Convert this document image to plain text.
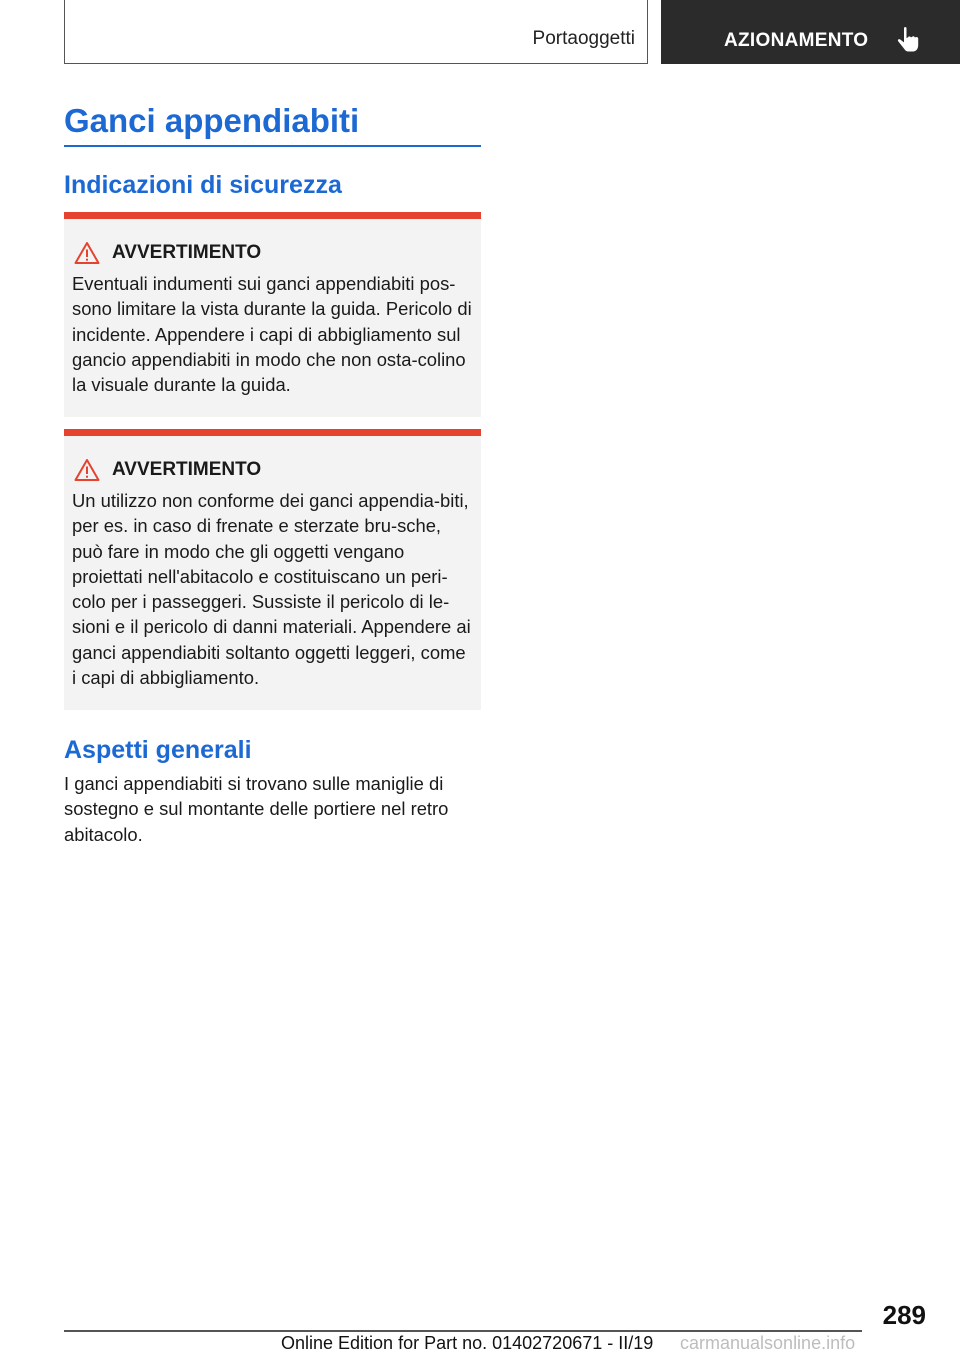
Portaoggetti	AZIONAMENTO
Ganci appendiabiti
Indicazioni di sicurezza
AVVERTIMENTO

Eventuali indumenti sui ganci appendiabiti pos-sono limitare la vista durante la guida. Pericolo di incidente. Appendere i capi di abbigliamento sul gancio appendiabiti in modo che non osta-colino la visuale durante la guida.

AVVERTIMENTO

Un utilizzo non conforme dei ganci appendia-biti, per es. in caso di frenate e sterzate bru-sche, può fare in modo che gli oggetti vengano proiettati nell'abitacolo e costituiscano un peri-colo per i passeggeri. Sussiste il pericolo di le-sioni e il pericolo di danni materiali. Appendere ai ganci appendiabiti soltanto oggetti leggeri, come i capi di abbigliamento.

Aspetti generali

I ganci appendiabiti si trovano sulle maniglie di sostegno e sul montante delle portiere nel retro abitacolo.

289
Online Edition for Part no. 01402720671 - II/19 carmanualsonline.info
